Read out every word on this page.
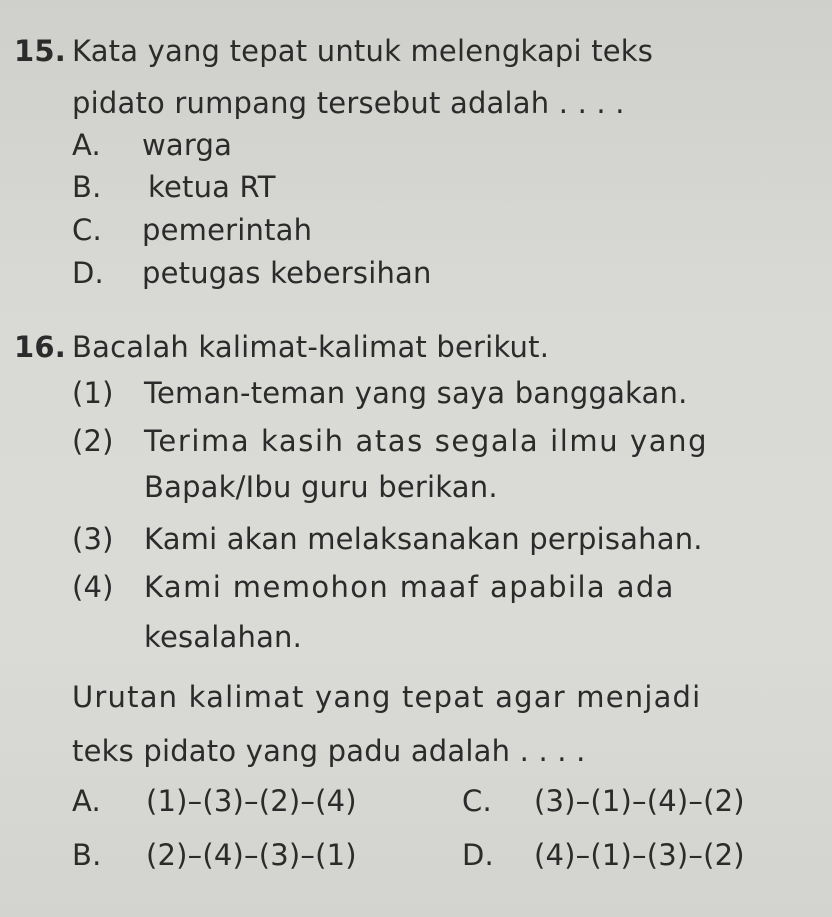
15. Kata yang tepat untuk melengkapi teks
pidato rumpang tersebut adalah . . . .
A. warga
B. ketua RT
C. pemerintah
D. petugas kebersihan
16. Bacalah kalimat-kalimat berikut.
(1) Teman-teman yang saya banggakan.
(2) Terima kasih atas segala ilmu yang
Bapak/Ibu guru berikan.
(3) Kami akan melaksanakan perpisahan.
(4) Kami memohon maaf apabila ada
kesalahan.
Urutan kalimat yang tepat agar menjadi
teks pidato yang padu adalah . . . .
A. (1)–(3)–(2)–(4)	C. (3)–(1)–(4)–(2)
B. (2)–(4)–(3)–(1)	D. (4)–(1)–(3)–(2)
